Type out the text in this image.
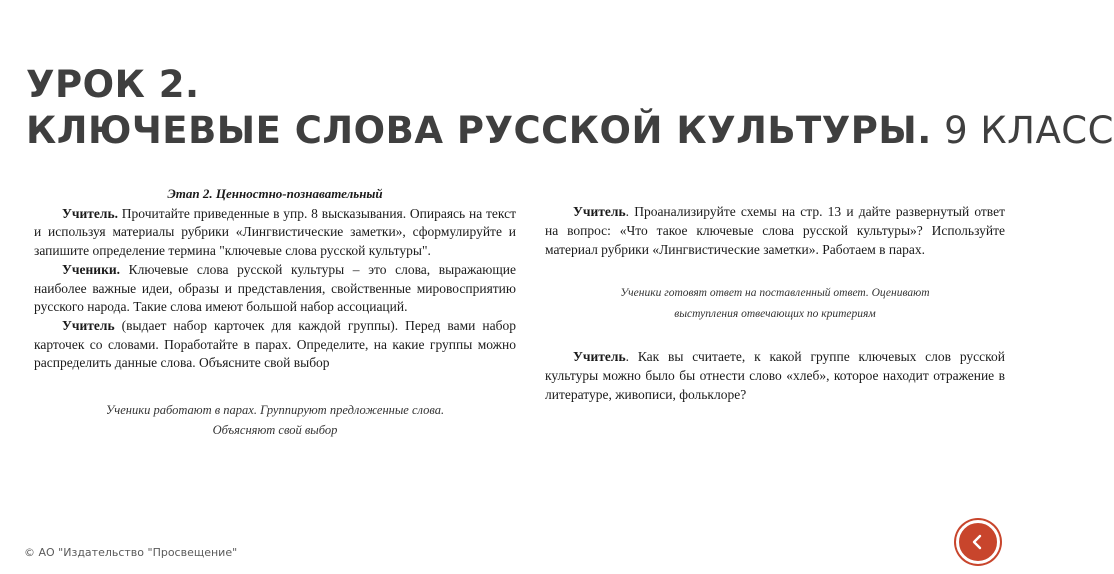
УРОК 2.
КЛЮЧЕВЫЕ СЛОВА РУССКОЙ КУЛЬТУРЫ. 9 КЛАСС
Этап 2. Ценностно-познавательный

Учитель. Прочитайте приведенные в упр. 8 высказывания. Опираясь на текст и используя материалы рубрики «Лингвистические заметки», сформулируйте и запишите определение термина "ключевые слова русской культуры".

Ученики. Ключевые слова русской культуры – это слова, выражающие наиболее важные идеи, образы и представления, свойственные мировосприятию русского народа. Такие слова имеют большой набор ассоциаций.

Учитель (выдает набор карточек для каждой группы). Перед вами набор карточек со словами. Поработайте в парах. Определите, на какие группы можно распределить данные слова. Объясните свой выбор

Ученики работают в парах. Группируют предложенные слова.
Объясняют свой выбор

Учитель. Проанализируйте схемы на стр. 13 и дайте развернутый ответ на вопрос: «Что такое ключевые слова русской культуры»? Используйте материал рубрики «Лингвистические заметки». Работаем в парах.

Ученики готовят ответ на поставленный ответ. Оценивают
выступления отвечающих по критериям

Учитель. Как вы считаете, к какой группе ключевых слов русской культуры можно было бы отнести слово «хлеб», которое находит отражение в литературе, живописи, фольклоре?

© АО "Издательство "Просвещение"
